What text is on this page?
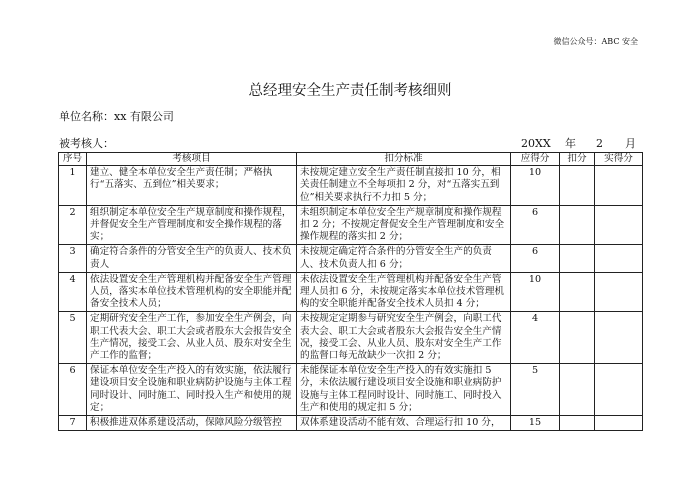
微信公众号：ABC 安全
总经理安全生产责任制考核细则
单位名称：xx 有限公司
被考核人：	20XX 年 2 月
序号	考核项目	扣分标准	应得分	扣分	实得分
1	建立、健全本单位安全生产责任制；严格执行“五落实、五到位”相关要求；	未按规定建立安全生产责任制直接扣 10 分，相关责任制建立不全每项扣 2 分，对“五落实五到位”相关要求执行不力扣 5 分；	10		
2	组织制定本单位安全生产规章制度和操作规程，并督促安全生产管理制度和安全操作规程的落实；	未组织制定本单位安全生产规章制度和操作规程扣 2 分；不按规定督促安全生产管理制度和安全操作规程的落实扣 2 分；	6		
3	确定符合条件的分管安全生产的负责人、技术负责人	未按规定确定符合条件的分管安全生产的负责人、技术负责人扣 6 分；	6		
4	依法设置安全生产管理机构并配备安全生产管理人员，落实本单位技术管理机构的安全职能并配备安全技术人员；	未依法设置安全生产管理机构并配备安全生产管理人员扣 6 分，未按规定落实本单位技术管理机构的安全职能并配备安全技术人员扣 4 分；	10		
5	定期研究安全生产工作，参加安全生产例会，向职工代表大会、职工大会或者股东大会报告安全生产情况，接受工会、从业人员、股东对安全生产工作的监督；	未按规定定期参与研究安全生产例会，向职工代表大会、职工大会或者股东大会报告安全生产情况，接受工会、从业人员、股东对安全生产工作的监督口每无故缺少一次扣 2 分；	4		
6	保证本单位安全生产投入的有效实施，依法履行建设项目安全设施和职业病防护设施与主体工程同时设计、同时施工、同时投入生产和使用的规定；	未能保证本单位安全生产投入的有效实施扣 5 分，未依法履行建设项目安全设施和职业病防护设施与主体工程同时设计、同时施工、同时投入生产和使用的规定扣 5 分；	5		
7	积极推进双体系建设活动，保障风险分级管控	双体系建设活动不能有效、合理运行扣 10 分，	15		
